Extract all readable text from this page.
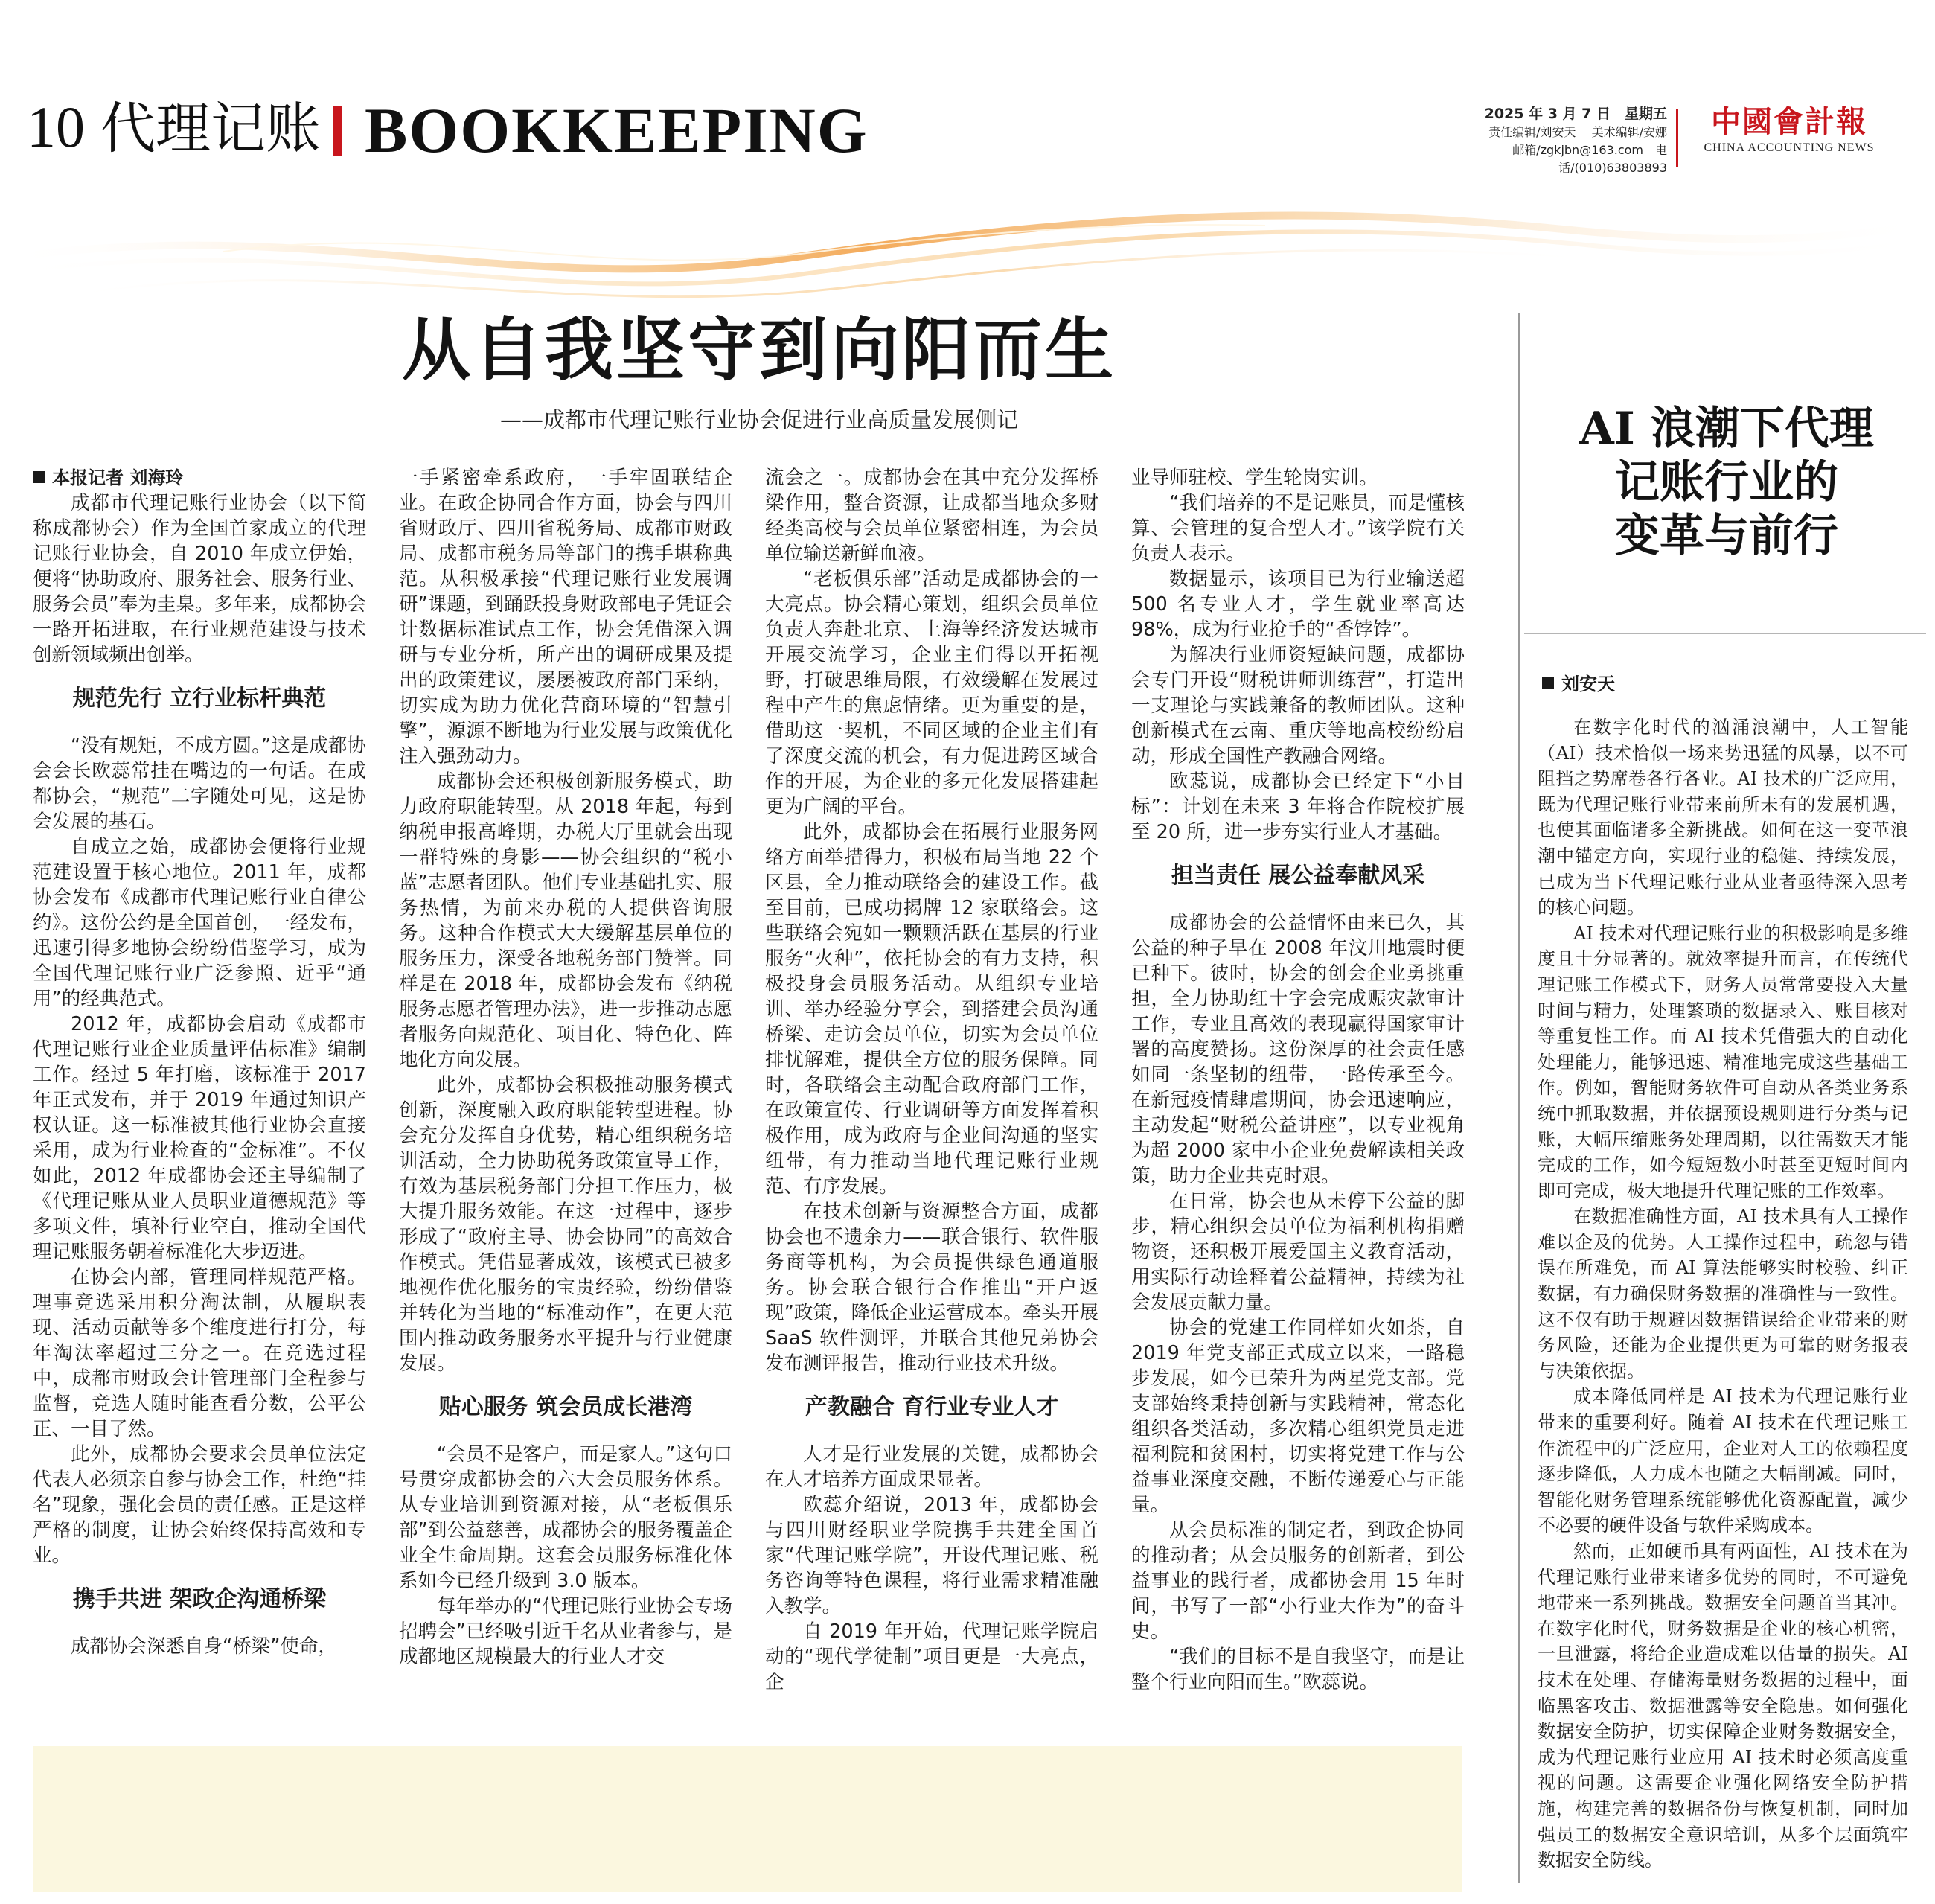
10 代理记账 BOOKKEEPING	2025 年 3 月 7 日　星期五
责任编辑/刘安天　 美术编辑/安娜
邮箱/zgkjbn@163.com　电话/(010)63803893
中國會計報
CHINA ACCOUNTING NEWS
从自我坚守到向阳而生
——成都市代理记账行业协会促进行业高质量发展侧记

本报记者 刘海玲

成都市代理记账行业协会（以下简称成都协会）作为全国首家成立的代理记账行业协会，自 2010 年成立伊始，便将“协助政府、服务社会、服务行业、服务会员”奉为圭臬。多年来，成都协会一路开拓进取，在行业规范建设与技术创新领域频出创举。

规范先行 立行业标杆典范

“没有规矩，不成方圆。”这是成都协会会长欧蕊常挂在嘴边的一句话。在成都协会，“规范”二字随处可见，这是协会发展的基石。

自成立之始，成都协会便将行业规范建设置于核心地位。2011 年，成都协会发布《成都市代理记账行业自律公约》。这份公约是全国首创，一经发布，迅速引得多地协会纷纷借鉴学习，成为全国代理记账行业广泛参照、近乎“通用”的经典范式。

2012 年，成都协会启动《成都市代理记账行业企业质量评估标准》编制工作。经过 5 年打磨，该标准于 2017 年正式发布，并于 2019 年通过知识产权认证。这一标准被其他行业协会直接采用，成为行业检查的“金标准”。不仅如此，2012 年成都协会还主导编制了《代理记账从业人员职业道德规范》等多项文件，填补行业空白，推动全国代理记账服务朝着标准化大步迈进。

在协会内部，管理同样规范严格。理事竞选采用积分淘汰制，从履职表现、活动贡献等多个维度进行打分，每年淘汰率超过三分之一。在竞选过程中，成都市财政会计管理部门全程参与监督，竞选人随时能查看分数，公平公正、一目了然。

此外，成都协会要求会员单位法定代表人必须亲自参与协会工作，杜绝“挂名”现象，强化会员的责任感。正是这样严格的制度，让协会始终保持高效和专业。

携手共进 架政企沟通桥梁

成都协会深悉自身“桥梁”使命，

一手紧密牵系政府，一手牢固联结企业。在政企协同合作方面，协会与四川省财政厅、四川省税务局、成都市财政局、成都市税务局等部门的携手堪称典范。从积极承接“代理记账行业发展调研”课题，到踊跃投身财政部电子凭证会计数据标准试点工作，协会凭借深入调研与专业分析，所产出的调研成果及提出的政策建议，屡屡被政府部门采纳，切实成为助力优化营商环境的“智慧引擎”，源源不断地为行业发展与政策优化注入强劲动力。

成都协会还积极创新服务模式，助力政府职能转型。从 2018 年起，每到纳税申报高峰期，办税大厅里就会出现一群特殊的身影——协会组织的“税小蓝”志愿者团队。他们专业基础扎实、服务热情，为前来办税的人提供咨询服务。这种合作模式大大缓解基层单位的服务压力，深受各地税务部门赞誉。同样是在 2018 年，成都协会发布《纳税服务志愿者管理办法》，进一步推动志愿者服务向规范化、项目化、特色化、阵地化方向发展。

此外，成都协会积极推动服务模式创新，深度融入政府职能转型进程。协会充分发挥自身优势，精心组织税务培训活动，全力协助税务政策宣导工作，有效为基层税务部门分担工作压力，极大提升服务效能。在这一过程中，逐步形成了“政府主导、协会协同”的高效合作模式。凭借显著成效，该模式已被多地视作优化服务的宝贵经验，纷纷借鉴并转化为当地的“标准动作”，在更大范围内推动政务服务水平提升与行业健康发展。

贴心服务 筑会员成长港湾

“会员不是客户，而是家人。”这句口号贯穿成都协会的六大会员服务体系。从专业培训到资源对接，从“老板俱乐部”到公益慈善，成都协会的服务覆盖企业全生命周期。这套会员服务标准化体系如今已经升级到 3.0 版本。

每年举办的“代理记账行业协会专场招聘会”已经吸引近千名从业者参与，是成都地区规模最大的行业人才交

流会之一。成都协会在其中充分发挥桥梁作用，整合资源，让成都当地众多财经类高校与会员单位紧密相连，为会员单位输送新鲜血液。

“老板俱乐部”活动是成都协会的一大亮点。协会精心策划，组织会员单位负责人奔赴北京、上海等经济发达城市开展交流学习，企业主们得以开拓视野，打破思维局限，有效缓解在发展过程中产生的焦虑情绪。更为重要的是，借助这一契机，不同区域的企业主们有了深度交流的机会，有力促进跨区域合作的开展，为企业的多元化发展搭建起更为广阔的平台。

此外，成都协会在拓展行业服务网络方面举措得力，积极布局当地 22 个区县，全力推动联络会的建设工作。截至目前，已成功揭牌 12 家联络会。这些联络会宛如一颗颗活跃在基层的行业服务“火种”，依托协会的有力支持，积极投身会员服务活动。从组织专业培训、举办经验分享会，到搭建会员沟通桥梁、走访会员单位，切实为会员单位排忧解难，提供全方位的服务保障。同时，各联络会主动配合政府部门工作，在政策宣传、行业调研等方面发挥着积极作用，成为政府与企业间沟通的坚实纽带，有力推动当地代理记账行业规范、有序发展。

在技术创新与资源整合方面，成都协会也不遗余力——联合银行、软件服务商等机构，为会员提供绿色通道服务。协会联合银行合作推出“开户返现”政策，降低企业运营成本。牵头开展 SaaS 软件测评，并联合其他兄弟协会发布测评报告，推动行业技术升级。

产教融合 育行业专业人才

人才是行业发展的关键，成都协会在人才培养方面成果显著。

欧蕊介绍说，2013 年，成都协会与四川财经职业学院携手共建全国首家“代理记账学院”，开设代理记账、税务咨询等特色课程，将行业需求精准融入教学。

自 2019 年开始，代理记账学院启动的“现代学徒制”项目更是一大亮点，企

业导师驻校、学生轮岗实训。

“我们培养的不是记账员，而是懂核算、会管理的复合型人才。”该学院有关负责人表示。

数据显示，该项目已为行业输送超 500 名专业人才，学生就业率高达 98%，成为行业抢手的“香饽饽”。

为解决行业师资短缺问题，成都协会专门开设“财税讲师训练营”，打造出一支理论与实践兼备的教师团队。这种创新模式在云南、重庆等地高校纷纷启动，形成全国性产教融合网络。

欧蕊说，成都协会已经定下“小目标”：计划在未来 3 年将合作院校扩展至 20 所，进一步夯实行业人才基础。

担当责任 展公益奉献风采

成都协会的公益情怀由来已久，其公益的种子早在 2008 年汶川地震时便已种下。彼时，协会的创会企业勇挑重担，全力协助红十字会完成赈灾款审计工作，专业且高效的表现赢得国家审计署的高度赞扬。这份深厚的社会责任感如同一条坚韧的纽带，一路传承至今。在新冠疫情肆虐期间，协会迅速响应，主动发起“财税公益讲座”，以专业视角为超 2000 家中小企业免费解读相关政策，助力企业共克时艰。

在日常，协会也从未停下公益的脚步，精心组织会员单位为福利机构捐赠物资，还积极开展爱国主义教育活动，用实际行动诠释着公益精神，持续为社会发展贡献力量。

协会的党建工作同样如火如荼，自 2019 年党支部正式成立以来，一路稳步发展，如今已荣升为两星党支部。党支部始终秉持创新与实践精神，常态化组织各类活动，多次精心组织党员走进福利院和贫困村，切实将党建工作与公益事业深度交融，不断传递爱心与正能量。

从会员标准的制定者，到政企协同的推动者；从会员服务的创新者，到公益事业的践行者，成都协会用 15 年时间，书写了一部“小行业大作为”的奋斗史。

“我们的目标不是自我坚守，而是让整个行业向阳而生。”欧蕊说。

AI 浪潮下代理
记账行业的
变革与前行
刘安天

在数字化时代的汹涌浪潮中，人工智能（AI）技术恰似一场来势迅猛的风暴，以不可阻挡之势席卷各行各业。AI 技术的广泛应用，既为代理记账行业带来前所未有的发展机遇，也使其面临诸多全新挑战。如何在这一变革浪潮中锚定方向，实现行业的稳健、持续发展，已成为当下代理记账行业从业者亟待深入思考的核心问题。

AI 技术对代理记账行业的积极影响是多维度且十分显著的。就效率提升而言，在传统代理记账工作模式下，财务人员常常要投入大量时间与精力，处理繁琐的数据录入、账目核对等重复性工作。而 AI 技术凭借强大的自动化处理能力，能够迅速、精准地完成这些基础工作。例如，智能财务软件可自动从各类业务系统中抓取数据，并依据预设规则进行分类与记账，大幅压缩账务处理周期，以往需数天才能完成的工作，如今短短数小时甚至更短时间内即可完成，极大地提升代理记账的工作效率。

在数据准确性方面，AI 技术具有人工操作难以企及的优势。人工操作过程中，疏忽与错误在所难免，而 AI 算法能够实时校验、纠正数据，有力确保财务数据的准确性与一致性。这不仅有助于规避因数据错误给企业带来的财务风险，还能为企业提供更为可靠的财务报表与决策依据。

成本降低同样是 AI 技术为代理记账行业带来的重要利好。随着 AI 技术在代理记账工作流程中的广泛应用，企业对人工的依赖程度逐步降低，人力成本也随之大幅削减。同时，智能化财务管理系统能够优化资源配置，减少不必要的硬件设备与软件采购成本。

然而，正如硬币具有两面性，AI 技术在为代理记账行业带来诸多优势的同时，不可避免地带来一系列挑战。数据安全问题首当其冲。在数字化时代，财务数据是企业的核心机密，一旦泄露，将给企业造成难以估量的损失。AI 技术在处理、存储海量财务数据的过程中，面临黑客攻击、数据泄露等安全隐患。如何强化数据安全防护，切实保障企业财务数据安全，成为代理记账行业应用 AI 技术时必须高度重视的问题。这需要企业强化网络安全防护措施，构建完善的数据备份与恢复机制，同时加强员工的数据安全意识培训，从多个层面筑牢数据安全防线。
